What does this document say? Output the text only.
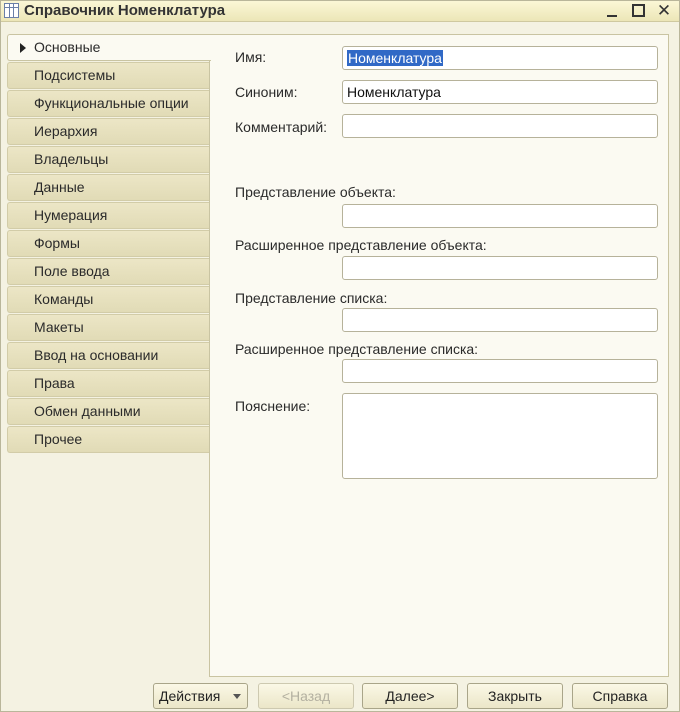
Справочник Номенклатура	✕
Основные
Подсистемы
Функциональные опции
Иерархия
Владельцы
Данные
Нумерация
Формы
Поле ввода
Команды
Макеты
Ввод на основании
Права
Обмен данными
Прочее
Имя:	Номенклатура
Синоним:	Номенклатура
Комментарий:
Представление объекта:
Расширенное представление объекта:
Представление списка:
Расширенное представление списка:
Пояснение:
Действия	<Назад	Далее>	Закрыть	Справка
